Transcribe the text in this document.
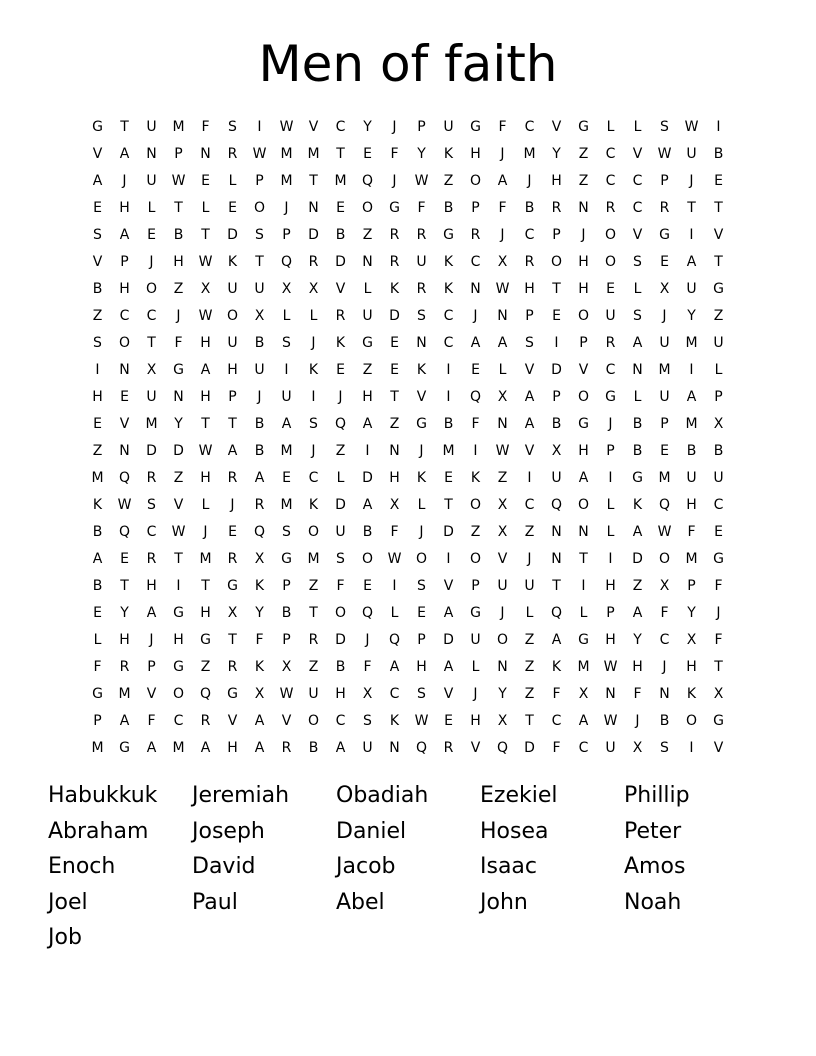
Men of faith
G	T	U	M	F	S	I	W	V	C	Y	J	P	U	G	F	C	V	G	L	L	S	W	I
V	A	N	P	N	R	W	M	M	T	E	F	Y	K	H	J	M	Y	Z	C	V	W	U	B
A	J	U	W	E	L	P	M	T	M	Q	J	W	Z	O	A	J	H	Z	C	C	P	J	E
E	H	L	T	L	E	O	J	N	E	O	G	F	B	P	F	B	R	N	R	C	R	T	T
S	A	E	B	T	D	S	P	D	B	Z	R	R	G	R	J	C	P	J	O	V	G	I	V
V	P	J	H	W	K	T	Q	R	D	N	R	U	K	C	X	R	O	H	O	S	E	A	T
B	H	O	Z	X	U	U	X	X	V	L	K	R	K	N	W	H	T	H	E	L	X	U	G
Z	C	C	J	W	O	X	L	L	R	U	D	S	C	J	N	P	E	O	U	S	J	Y	Z
S	O	T	F	H	U	B	S	J	K	G	E	N	C	A	A	S	I	P	R	A	U	M	U
I	N	X	G	A	H	U	I	K	E	Z	E	K	I	E	L	V	D	V	C	N	M	I	L
H	E	U	N	H	P	J	U	I	J	H	T	V	I	Q	X	A	P	O	G	L	U	A	P
E	V	M	Y	T	T	B	A	S	Q	A	Z	G	B	F	N	A	B	G	J	B	P	M	X
Z	N	D	D	W	A	B	M	J	Z	I	N	J	M	I	W	V	X	H	P	B	E	B	B
M	Q	R	Z	H	R	A	E	C	L	D	H	K	E	K	Z	I	U	A	I	G	M	U	U
K	W	S	V	L	J	R	M	K	D	A	X	L	T	O	X	C	Q	O	L	K	Q	H	C
B	Q	C	W	J	E	Q	S	O	U	B	F	J	D	Z	X	Z	N	N	L	A	W	F	E
A	E	R	T	M	R	X	G	M	S	O	W	O	I	O	V	J	N	T	I	D	O	M	G
B	T	H	I	T	G	K	P	Z	F	E	I	S	V	P	U	U	T	I	H	Z	X	P	F
E	Y	A	G	H	X	Y	B	T	O	Q	L	E	A	G	J	L	Q	L	P	A	F	Y	J
L	H	J	H	G	T	F	P	R	D	J	Q	P	D	U	O	Z	A	G	H	Y	C	X	F
F	R	P	G	Z	R	K	X	Z	B	F	A	H	A	L	N	Z	K	M	W	H	J	H	T
G	M	V	O	Q	G	X	W	U	H	X	C	S	V	J	Y	Z	F	X	N	F	N	K	X
P	A	F	C	R	V	A	V	O	C	S	K	W	E	H	X	T	C	A	W	J	B	O	G
M	G	A	M	A	H	A	R	B	A	U	N	Q	R	V	Q	D	F	C	U	X	S	I	V
Habukkuk	Jeremiah	Obadiah	Ezekiel	Phillip
Abraham	Joseph	Daniel	Hosea	Peter
Enoch	David	Jacob	Isaac	Amos
Joel	Paul	Abel	John	Noah
Job
